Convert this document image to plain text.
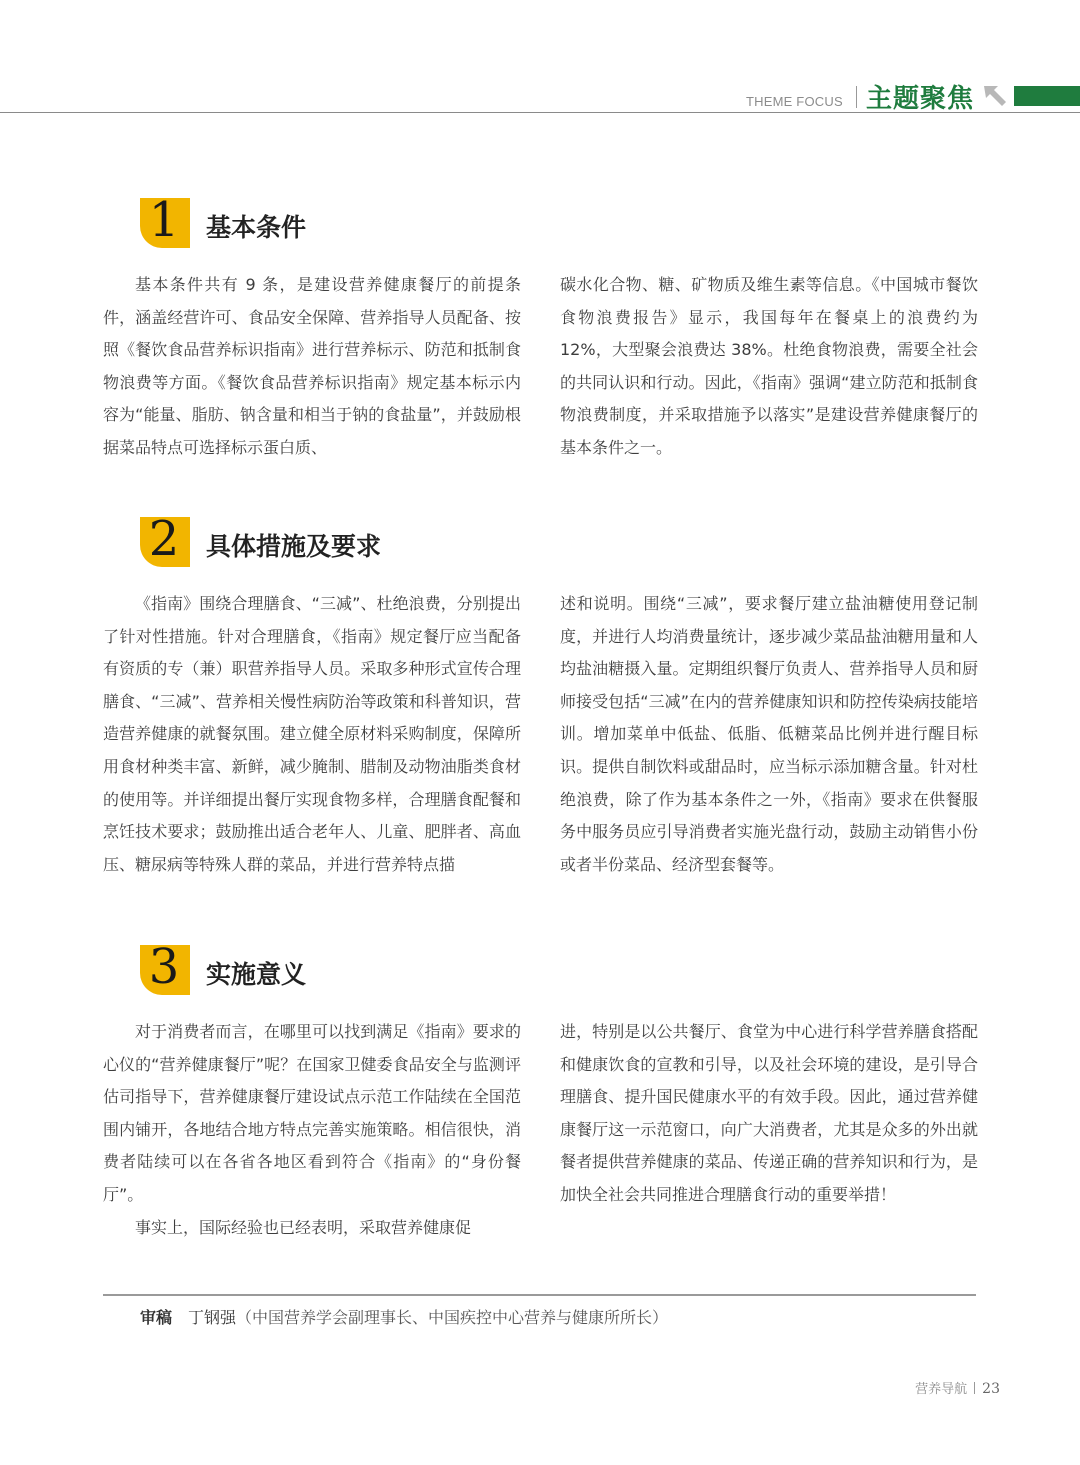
THEME FOCUS 主题聚焦
1	基本条件

基本条件共有 9 条，是建设营养健康餐厅的前提条件，涵盖经营许可、食品安全保障、营养指导人员配备、按照《餐饮食品营养标识指南》进行营养标示、防范和抵制食物浪费等方面。《餐饮食品营养标识指南》规定基本标示内容为“能量、脂肪、钠含量和相当于钠的食盐量”，并鼓励根据菜品特点可选择标示蛋白质、

碳水化合物、糖、矿物质及维生素等信息。《中国城市餐饮食物浪费报告》显示，我国每年在餐桌上的浪费约为 12%，大型聚会浪费达 38%。杜绝食物浪费，需要全社会的共同认识和行动。因此，《指南》强调“建立防范和抵制食物浪费制度，并采取措施予以落实”是建设营养健康餐厅的基本条件之一。

2	具体措施及要求

《指南》围绕合理膳食、“三减”、杜绝浪费，分别提出了针对性措施。针对合理膳食，《指南》规定餐厅应当配备有资质的专（兼）职营养指导人员。采取多种形式宣传合理膳食、“三减”、营养相关慢性病防治等政策和科普知识，营造营养健康的就餐氛围。建立健全原材料采购制度，保障所用食材种类丰富、新鲜，减少腌制、腊制及动物油脂类食材的使用等。并详细提出餐厅实现食物多样，合理膳食配餐和烹饪技术要求；鼓励推出适合老年人、儿童、肥胖者、高血压、糖尿病等特殊人群的菜品，并进行营养特点描

述和说明。围绕“三减”，要求餐厅建立盐油糖使用登记制度，并进行人均消费量统计，逐步减少菜品盐油糖用量和人均盐油糖摄入量。定期组织餐厅负责人、营养指导人员和厨师接受包括“三减”在内的营养健康知识和防控传染病技能培训。增加菜单中低盐、低脂、低糖菜品比例并进行醒目标识。提供自制饮料或甜品时，应当标示添加糖含量。针对杜绝浪费，除了作为基本条件之一外，《指南》要求在供餐服务中服务员应引导消费者实施光盘行动，鼓励主动销售小份或者半份菜品、经济型套餐等。

3	实施意义

对于消费者而言，在哪里可以找到满足《指南》要求的心仪的“营养健康餐厅”呢？在国家卫健委食品安全与监测评估司指导下，营养健康餐厅建设试点示范工作陆续在全国范围内铺开，各地结合地方特点完善实施策略。相信很快，消费者陆续可以在各省各地区看到符合《指南》的“身份餐厅”。

事实上，国际经验也已经表明，采取营养健康促

进，特别是以公共餐厅、食堂为中心进行科学营养膳食搭配和健康饮食的宣教和引导，以及社会环境的建设，是引导合理膳食、提升国民健康水平的有效手段。因此，通过营养健康餐厅这一示范窗口，向广大消费者，尤其是众多的外出就餐者提供营养健康的菜品、传递正确的营养知识和行为，是加快全社会共同推进合理膳食行动的重要举措！

审稿 丁钢强（中国营养学会副理事长、中国疾控中心营养与健康所所长）
营养导航 23
